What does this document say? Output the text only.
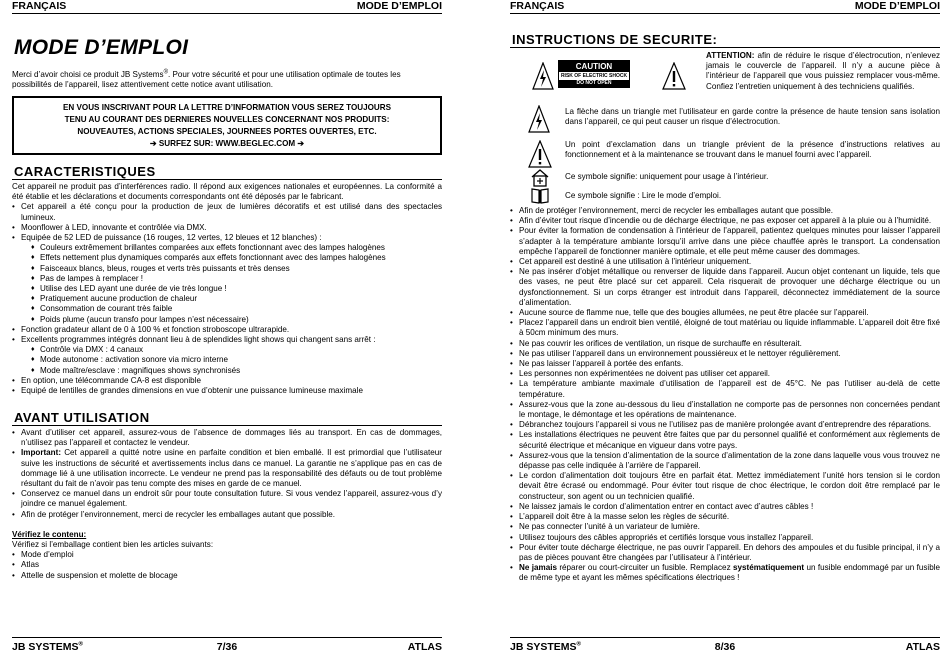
FRANÇAIS	MODE D’EMPLOI
MODE D’EMPLOI
Merci d’avoir choisi ce produit JB Systems®. Pour votre sécurité et pour une utilisation optimale de toutes les possibilités de l’appareil, lisez attentivement cette notice avant utilisation.
EN VOUS INSCRIVANT POUR LA LETTRE D’INFORMATION VOUS SEREZ TOUJOURS
TENU AU COURANT DES DERNIERES NOUVELLES CONCERNANT NOS PRODUITS:
NOUVEAUTES, ACTIONS SPECIALES, JOURNEES PORTES OUVERTES, ETC.
➔ SURFEZ SUR: WWW.BEGLEC.COM ➔
CARACTERISTIQUES

Cet appareil ne produit pas d’interférences radio. Il répond aux exigences nationales et européennes. La conformité a été établie et les déclarations et documents correspondants ont été déposés par le fabricant.

• Cet appareil a été conçu pour la production de jeux de lumières décoratifs et est utilisé dans des spectacles lumineux.
• Moonflower à LED, innovante et contrôlée via DMX.
• Equipée de 52 LED de puissance (16 rouges, 12 vertes, 12 bleues et 12 blanches) :
♦ Couleurs extrêmement brillantes comparées aux effets fonctionnant avec des lampes halogènes
♦ Effets nettement plus dynamiques comparés aux effets fonctionnant avec des lampes halogènes
♦ Faisceaux blancs, bleus, rouges et verts très puissants et très denses
♦ Pas de lampes à remplacer !
♦ Utilise des LED ayant une durée de vie très longue !
♦ Pratiquement aucune production de chaleur
♦ Consommation de courant très faible
♦ Poids plume (aucun transfo pour lampes n’est nécessaire)
• Fonction gradateur allant de 0 à 100 % et fonction stroboscope ultrarapide.
• Excellents programmes intégrés donnant lieu à de splendides light shows qui changent sans arrêt :
♦ Contrôle via DMX : 4 canaux
♦ Mode autonome : activation sonore via micro interne
♦ Mode maître/esclave : magnifiques shows synchronisés
• En option, une télécommande CA-8 est disponible
• Equipé de lentilles de grandes dimensions en vue d’obtenir une puissance lumineuse maximale
AVANT UTILISATION
• Avant d’utiliser cet appareil, assurez-vous de l’absence de dommages liés au transport. En cas de dommages, n’utilisez pas l’appareil et contactez le vendeur.
• Important: Cet appareil a quitté notre usine en parfaite condition et bien emballé. Il est primordial que l’utilisateur suive les instructions de sécurité et avertissements inclus dans ce manuel. La garantie ne s’applique pas en cas de dommage lié à une utilisation incorrecte. Le vendeur ne prend pas la responsabilité des défauts ou de tout problème résultant du fait de n’avoir pas tenu compte des mises en garde de ce manuel.
• Conservez ce manuel dans un endroit sûr pour toute consultation future. Si vous vendez l’appareil, assurez-vous d’y joindre ce manuel également.
• Afin de protéger l’environnement, merci de recycler les emballages autant que possible.
Vérifiez le contenu:
Vérifiez si l’emballage contient bien les articles suivants:
• Mode d’emploi
• Atlas
• Attelle de suspension et molette de blocage
7/36
JB SYSTEMS®	ATLAS
FRANÇAIS	MODE D’EMPLOI
INSTRUCTIONS DE SECURITE:
CAUTION
RISK OF ELECTRIC SHOCK
DO NOT OPEN
ATTENTION: afin de réduire le risque d’électrocution, n’enlevez jamais le couvercle de l’appareil. Il n’y a aucune pièce à l’intérieur de l’appareil que vous puissiez remplacer vous-même. Confiez l’entretien uniquement à des techniciens qualifiés.
La flèche dans un triangle met l’utilisateur en garde contre la présence de haute tension sans isolation dans l’appareil, ce qui peut causer un risque d’électrocution.
Un point d’exclamation dans un triangle prévient de la présence d’instructions relatives au fonctionnement et à la maintenance se trouvant dans le manuel fourni avec l’appareil.
Ce symbole signifie: uniquement pour usage à l’intérieur.
Ce symbole signifie : Lire le mode d’emploi.
• Afin de protéger l’environnement, merci de recycler les emballages autant que possible.
• Afin d’éviter tout risque d’incendie ou de décharge électrique, ne pas exposer cet appareil à la pluie ou à l’humidité.
• Pour éviter la formation de condensation à l’intérieur de l’appareil, patientez quelques minutes pour laisser l’appareil s’adapter à la température ambiante lorsqu’il arrive dans une pièce chauffée après le transport. La condensation empêche l’appareil de fonctionner manière optimale, et elle peut même causer des dommages.
• Cet appareil est destiné à une utilisation à l’intérieur uniquement.
• Ne pas insérer d’objet métallique ou renverser de liquide dans l’appareil. Aucun objet contenant un liquide, tels que des vases, ne peut être placé sur cet appareil. Cela risquerait de provoquer une décharge électrique ou un dysfonctionnement. Si un corps étranger est introduit dans l’appareil, déconnectez immédiatement de la source d’alimentation.
• Aucune source de flamme nue, telle que des bougies allumées, ne peut être placée sur l’appareil.
• Placez l’appareil dans un endroit bien ventilé, éloigné de tout matériau ou liquide inflammable. L’appareil doit être fixé à 50cm minimum des murs.
• Ne pas couvrir les orifices de ventilation, un risque de surchauffe en résulterait.
• Ne pas utiliser l’appareil dans un environnement poussiéreux et le nettoyer régulièrement.
• Ne pas laisser l’appareil à portée des enfants.
• Les personnes non expérimentées ne doivent pas utiliser cet appareil.
• La température ambiante maximale d’utilisation de l’appareil est de 45°C. Ne pas l’utiliser au-delà de cette température.
• Assurez-vous que la zone au-dessous du lieu d’installation ne comporte pas de personnes non concernées pendant le montage, le démontage et les opérations de maintenance.
• Débranchez toujours l’appareil si vous ne l’utilisez pas de manière prolongée avant d’entreprendre des réparations.
• Les installations électriques ne peuvent être faites que par du personnel qualifié et conformément aux règlements de sécurité électrique et mécanique en vigueur dans votre pays.
• Assurez-vous que la tension d’alimentation de la source d’alimentation de la zone dans laquelle vous vous trouvez ne dépasse pas celle indiquée à l’arrière de l’appareil.
• Le cordon d’alimentation doit toujours être en parfait état. Mettez immédiatement l’unité hors tension si le cordon devait être écrasé ou endommagé. Pour éviter tout risque de choc électrique, le cordon doit être remplacé par le constructeur, son agent ou un technicien qualifié.
• Ne laissez jamais le cordon d’alimentation entrer en contact avec d’autres câbles !
• L’appareil doit être à la masse selon les règles de sécurité.
• Ne pas connecter l’unité à un variateur de lumière.
• Utilisez toujours des câbles appropriés et certifiés lorsque vous installez l’appareil.
• Pour éviter toute décharge électrique, ne pas ouvrir l’appareil. En dehors des ampoules et du fusible principal, il n’y a pas de pièces pouvant être changées par l’utilisateur à l’intérieur.
• Ne jamais réparer ou court-circuiter un fusible. Remplacez systématiquement un fusible endommagé par un fusible de même type et ayant les mêmes spécifications électriques !
8/36
JB SYSTEMS®	ATLAS
